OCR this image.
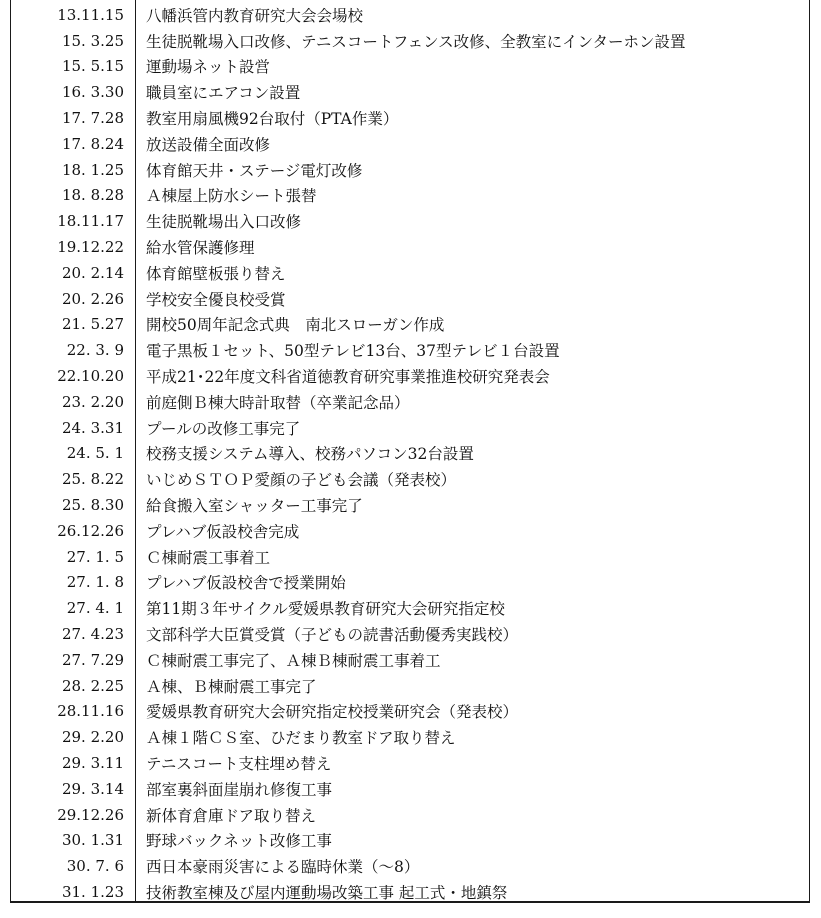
13.11.15 八幡浜管内教育研究大会会場校
15. 3.25 生徒脱靴場入口改修、テニスコートフェンス改修、全教室にインターホン設置
15. 5.15 運動場ネット設営
16. 3.30 職員室にエアコン設置
17. 7.28 教室用扇風機92台取付（PTA作業）
17. 8.24 放送設備全面改修
18. 1.25 体育館天井・ステージ電灯改修
18. 8.28 Ａ棟屋上防水シート張替
18.11.17 生徒脱靴場出入口改修
19.12.22 給水管保護修理
20. 2.14 体育館壁板張り替え
20. 2.26 学校安全優良校受賞
21. 5.27 開校50周年記念式典　南北スローガン作成
22. 3. 9 電子黒板１セット、50型テレビ13台、37型テレビ１台設置
22.10.20 平成21･22年度文科省道徳教育研究事業推進校研究発表会
23. 2.20 前庭側Ｂ棟大時計取替（卒業記念品）
24. 3.31 プールの改修工事完了
24. 5. 1 校務支援システム導入、校務パソコン32台設置
25. 8.22 いじめＳＴＯＰ愛顔の子ども会議（発表校）
25. 8.30 給食搬入室シャッター工事完了
26.12.26 プレハブ仮設校舎完成
27. 1. 5 Ｃ棟耐震工事着工
27. 1. 8 プレハブ仮設校舎で授業開始
27. 4. 1 第11期３年サイクル愛媛県教育研究大会研究指定校
27. 4.23 文部科学大臣賞受賞（子どもの読書活動優秀実践校）
27. 7.29 Ｃ棟耐震工事完了、Ａ棟Ｂ棟耐震工事着工
28. 2.25 Ａ棟、Ｂ棟耐震工事完了
28.11.16 愛媛県教育研究大会研究指定校授業研究会（発表校）
29. 2.20 Ａ棟１階ＣＳ室、ひだまり教室ドア取り替え
29. 3.11 テニスコート支柱埋め替え
29. 3.14 部室裏斜面崖崩れ修復工事
29.12.26 新体育倉庫ドア取り替え
30. 1.31 野球バックネット改修工事
30. 7. 6 西日本豪雨災害による臨時休業（～8）
31. 1.23 技術教室棟及び屋内運動場改築工事 起工式・地鎮祭
